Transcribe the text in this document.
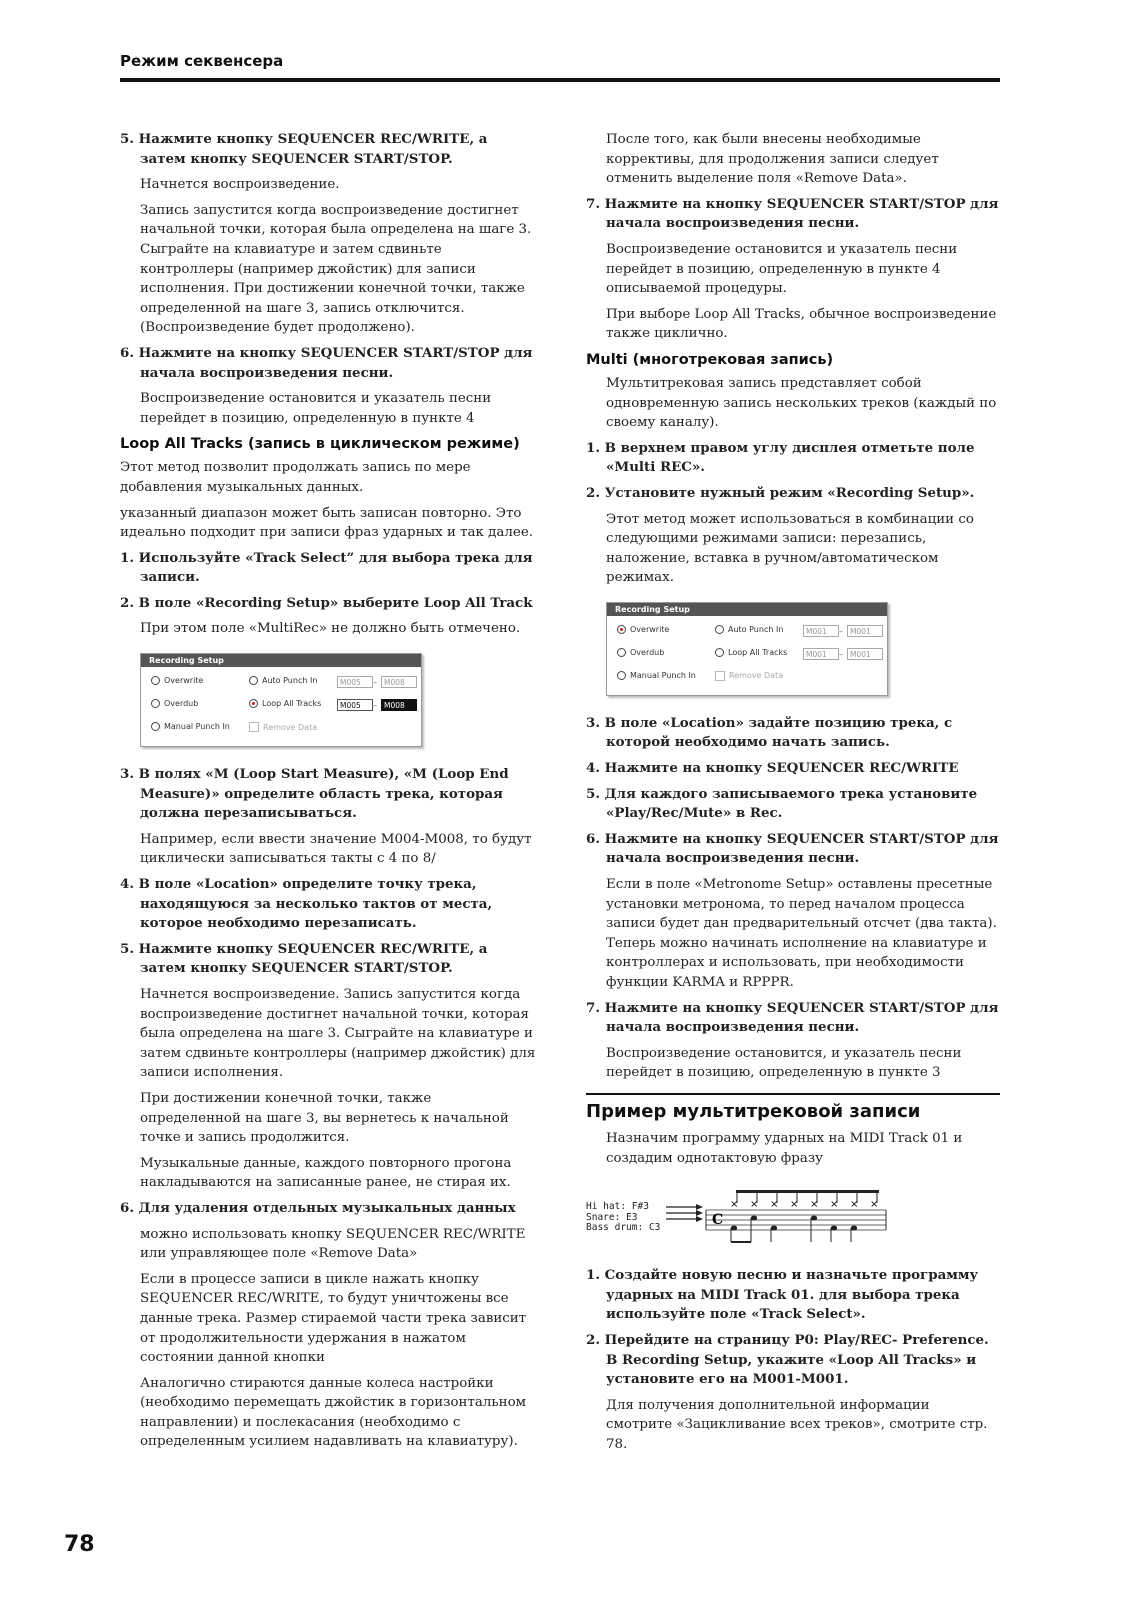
Режим секвенсера

5. Нажмите кнопку SEQUENCER REC/WRITE, а затем кнопку SEQUENCER START/STOP.

Начнется воспроизведение.

Запись запустится когда воспроизведение достигнет начальной точки, которая была определена на шаге 3. Сыграйте на клавиатуре и затем сдвиньте контроллеры (например джойстик) для записи исполнения. При достижении конечной точки, также определенной на шаге 3, запись отключится. (Воспроизведение будет продолжено).

6. Нажмите на кнопку SEQUENCER START/STOP для начала воспроизведения песни.

Воспроизведение остановится и указатель песни перейдет в позицию, определенную в пункте 4

Loop All Tracks (запись в циклическом режиме)

Этот метод позволит продолжать запись по мере добавления музыкальных данных.

указанный диапазон может быть записан повторно. Это идеально подходит при записи фраз ударных и так далее.

1. Используйте «Track Select” для выбора трека для записи.

2. В поле «Recording Setup» выберите Loop All Track

При этом поле «MultiRec» не должно быть отмечено.

Recording Setup
Overwrite
Overdub
Manual Punch In
Auto Punch In
Loop All Tracks
Remove Data
M005	M008
M005	M008
–
–

3. В полях «M (Loop Start Measure), «M (Loop End Measure)» определите область трека, которая должна перезаписываться.

Например, если ввести значение M004-M008, то будут циклически записываться такты с 4 по 8/

4. В поле «Location» определите точку трека, находящуюся за несколько тактов от места, которое необходимо перезаписать.

5. Нажмите кнопку SEQUENCER REC/WRITE, а затем кнопку SEQUENCER START/STOP.

Начнется воспроизведение. Запись запустится когда воспроизведение достигнет начальной точки, которая была определена на шаге 3. Сыграйте на клавиатуре и затем сдвиньте контроллеры (например джойстик) для записи исполнения.

При достижении конечной точки, также определенной на шаге 3, вы вернетесь к начальной точке и запись продолжится.

Музыкальные данные, каждого повторного прогона накладываются на записанные ранее, не стирая их.

6. Для удаления отдельных музыкальных данных

можно использовать кнопку SEQUENCER REC/WRITE или управляющее поле «Remove Data»

Если в процессе записи в цикле нажать кнопку SEQUENCER REC/WRITE, то будут уничтожены все данные трека. Размер стираемой части трека зависит от продолжительности удержания в нажатом состоянии данной кнопки

Аналогично стираются данные колеса настройки (необходимо перемещать джойстик в горизонтальном направлении) и послекасания (необходимо с определенным усилием надавливать на клавиатуру).

После того, как были внесены необходимые коррективы, для продолжения записи следует отменить выделение поля «Remove Data».

7. Нажмите на кнопку SEQUENCER START/STOP для начала воспроизведения песни.

Воспроизведение остановится и указатель песни перейдет в позицию, определенную в пункте 4 описываемой процедуры.

При выборе Loop All Tracks, обычное воспроизведение также циклично.

Multi (многотрековая запись)

Мультитрековая запись представляет собой одновременную запись нескольких треков (каждый по своему каналу).

1. В верхнем правом углу дисплея отметьте поле «Multi REC».

2. Установите нужный режим «Recording Setup».

Этот метод может использоваться в комбинации со следующими режимами записи: перезапись, наложение, вставка в ручном/автоматическом режимах.

Recording Setup
Overwrite
Overdub
Manual Punch In
Auto Punch In
Loop All Tracks
Remove Data
M001	M001
M001	M001
–
–

3. В поле «Location» задайте позицию трека, с которой необходимо начать запись.

4. Нажмите на кнопку SEQUENCER REC/WRITE

5. Для каждого записываемого трека установите «Play/Rec/Mute» в Rec.

6. Нажмите на кнопку SEQUENCER START/STOP для начала воспроизведения песни.

Если в поле «Metronome Setup» оставлены пресетные установки метронома, то перед началом процесса записи будет дан предварительный отсчет (два такта). Теперь можно начинать исполнение на клавиатуре и контроллерах и использовать, при необходимости функции KARMA и RPPPR.

7. Нажмите на кнопку SEQUENCER START/STOP для начала воспроизведения песни.

Воспроизведение остановится, и указатель песни перейдет в позицию, определенную в пункте 3

Пример мультитрековой записи

Назначим программу ударных на MIDI Track 01 и создадим однотактовую фразу

Hi hat: F#3
Snare: E3
Bass drum: C3	C
× × × × × × × ×

1. Создайте новую песню и назначьте программу ударных на MIDI Track 01. для выбора трека используйте поле «Track Select».

2. Перейдите на страницу P0: Play/REC- Preference. В Recording Setup, укажите «Loop All Tracks» и установите его на M001-M001.

Для получения дополнительной информации смотрите «Зацикливание всех треков», смотрите стр. 78.

78
